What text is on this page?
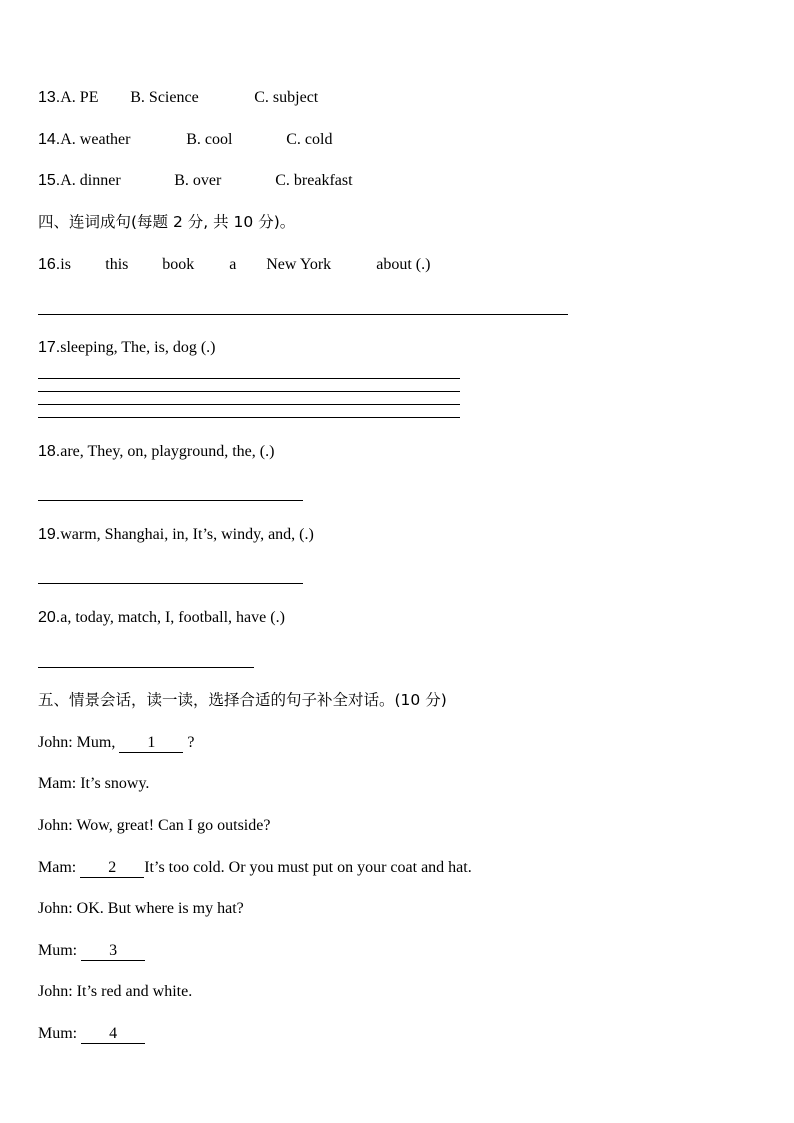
13.A. PE B. Science	C. subject
14.A. weather	B. cool	C. cold
15.A. dinner	B. over	C. breakfast
四、连词成句(每题 2 分, 共 10 分)。
16.is this book a New York	about (.)
17.sleeping, The, is, dog (.)
18.are, They, on, playground, the, (.)
19.warm, Shanghai, in, It’s, windy, and, (.)
20.a, today, match, I, football, have (.)
五、情景会话，读一读，选择合适的句子补全对话。(10 分)
John: Mum, 1 ?
Mam: It’s snowy.
John: Wow, great! Can I go outside?
Mam: 2 It’s too cold. Or you must put on your coat and hat.
John: OK. But where is my hat?
Mum: 3
John: It’s red and white.
Mum: 4
